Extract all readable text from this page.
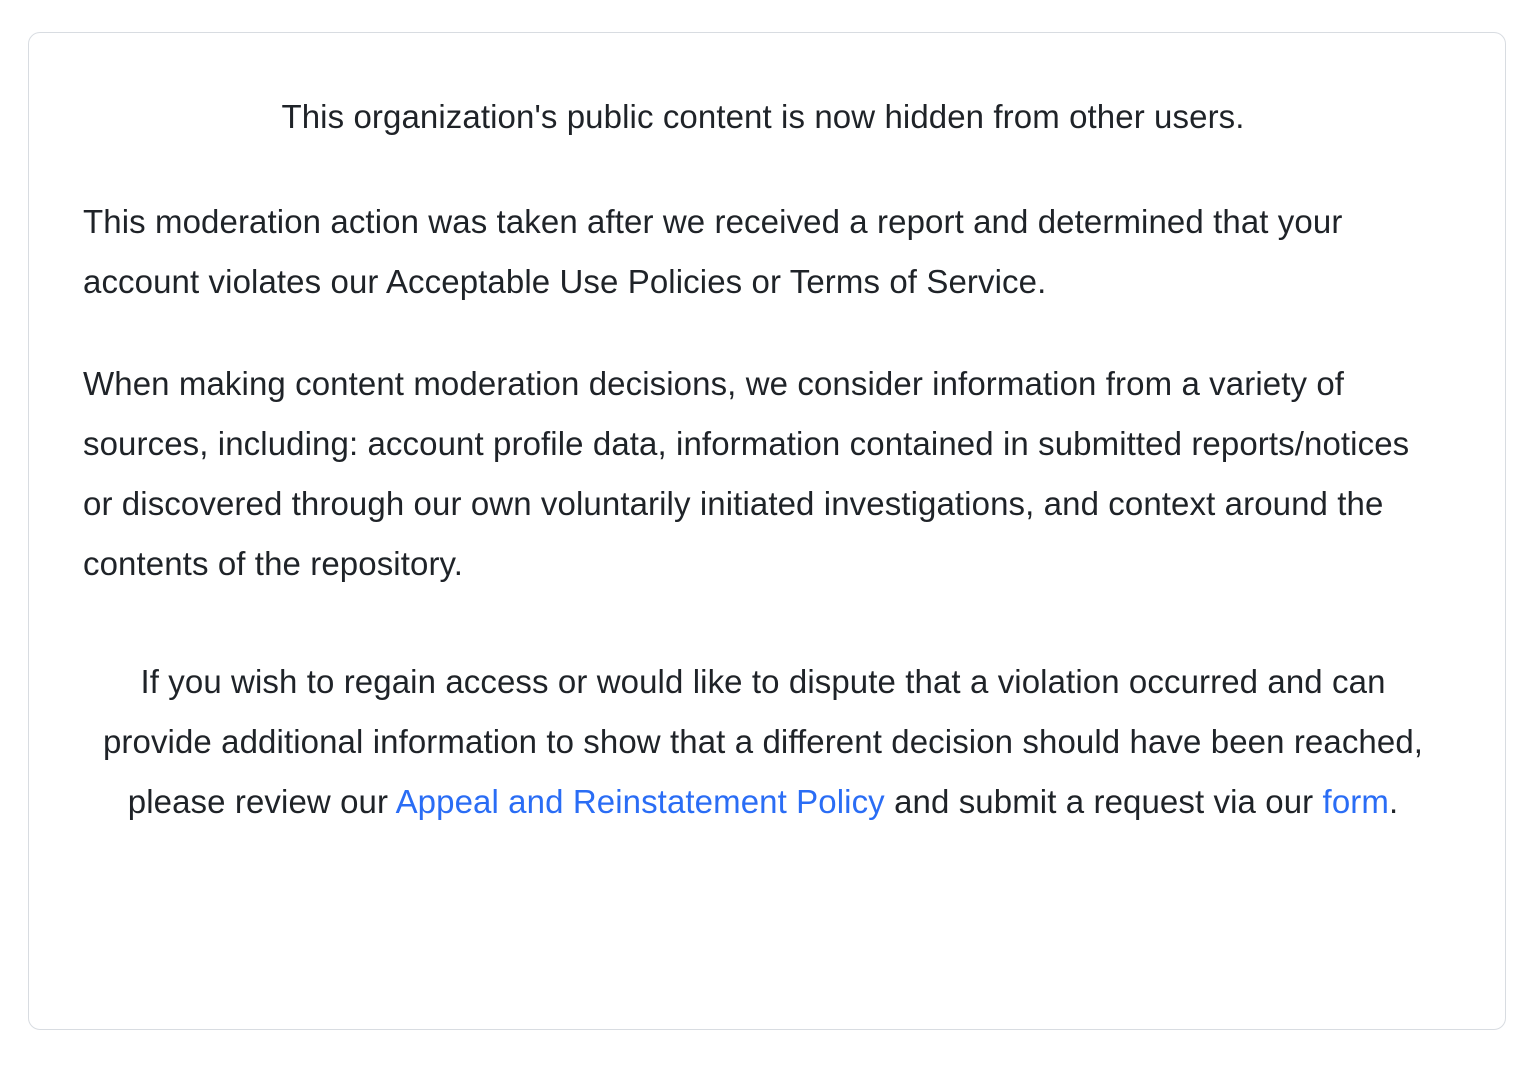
This organization's public content is now hidden from other users.

This moderation action was taken after we received a report and determined that your account violates our Acceptable Use Policies or Terms of Service.

When making content moderation decisions, we consider information from a variety of sources, including: account profile data, information contained in submitted reports/notices or discovered through our own voluntarily initiated investigations, and context around the contents of the repository.

If you wish to regain access or would like to dispute that a violation occurred and can provide additional information to show that a different decision should have been reached, please review our Appeal and Reinstatement Policy and submit a request via our form.
